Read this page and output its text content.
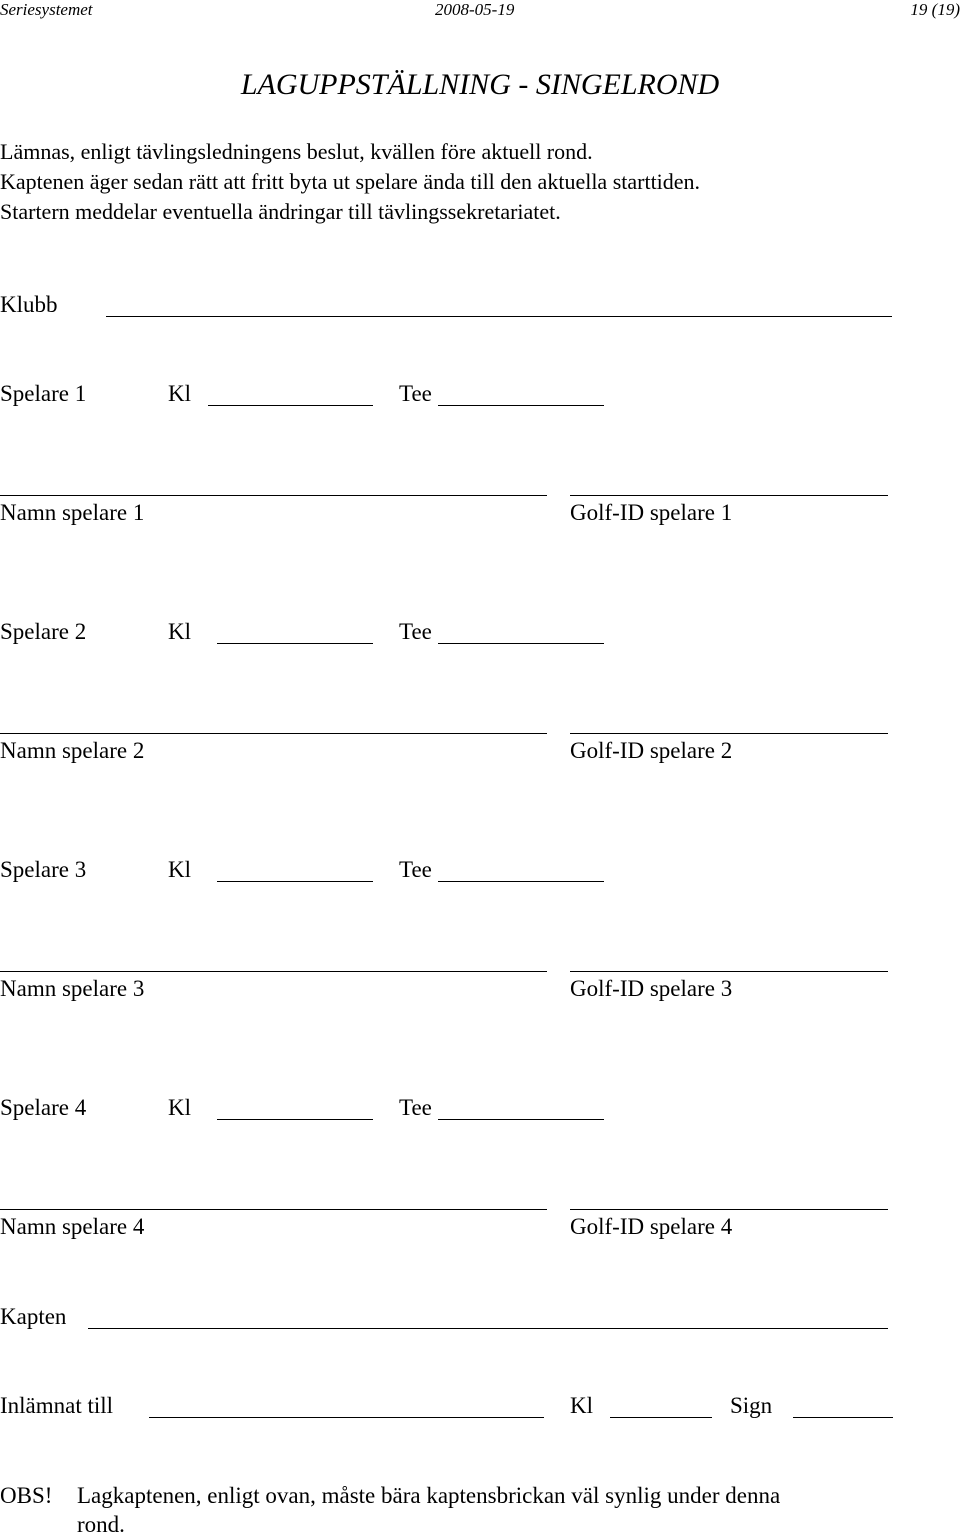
Seriesystemet	2008-05-19	19 (19)
LAGUPPSTÄLLNING - SINGELROND
Lämnas, enligt tävlingsledningens beslut, kvällen före aktuell rond.
Kaptenen äger sedan rätt att fritt byta ut spelare ända till den aktuella starttiden.
Startern meddelar eventuella ändringar till tävlingssekretariatet.
Klubb
Spelare 1	Kl	Tee
Namn spelare 1	Golf-ID spelare 1
Spelare 2	Kl	Tee
Namn spelare 2	Golf-ID spelare 2
Spelare 3	Kl	Tee
Namn spelare 3	Golf-ID spelare 3
Spelare 4	Kl	Tee
Namn spelare 4	Golf-ID spelare 4
Kapten
Inlämnat till	Kl	Sign
OBS! Lagkaptenen, enligt ovan, måste bära kaptensbrickan väl synlig under denna
rond.
